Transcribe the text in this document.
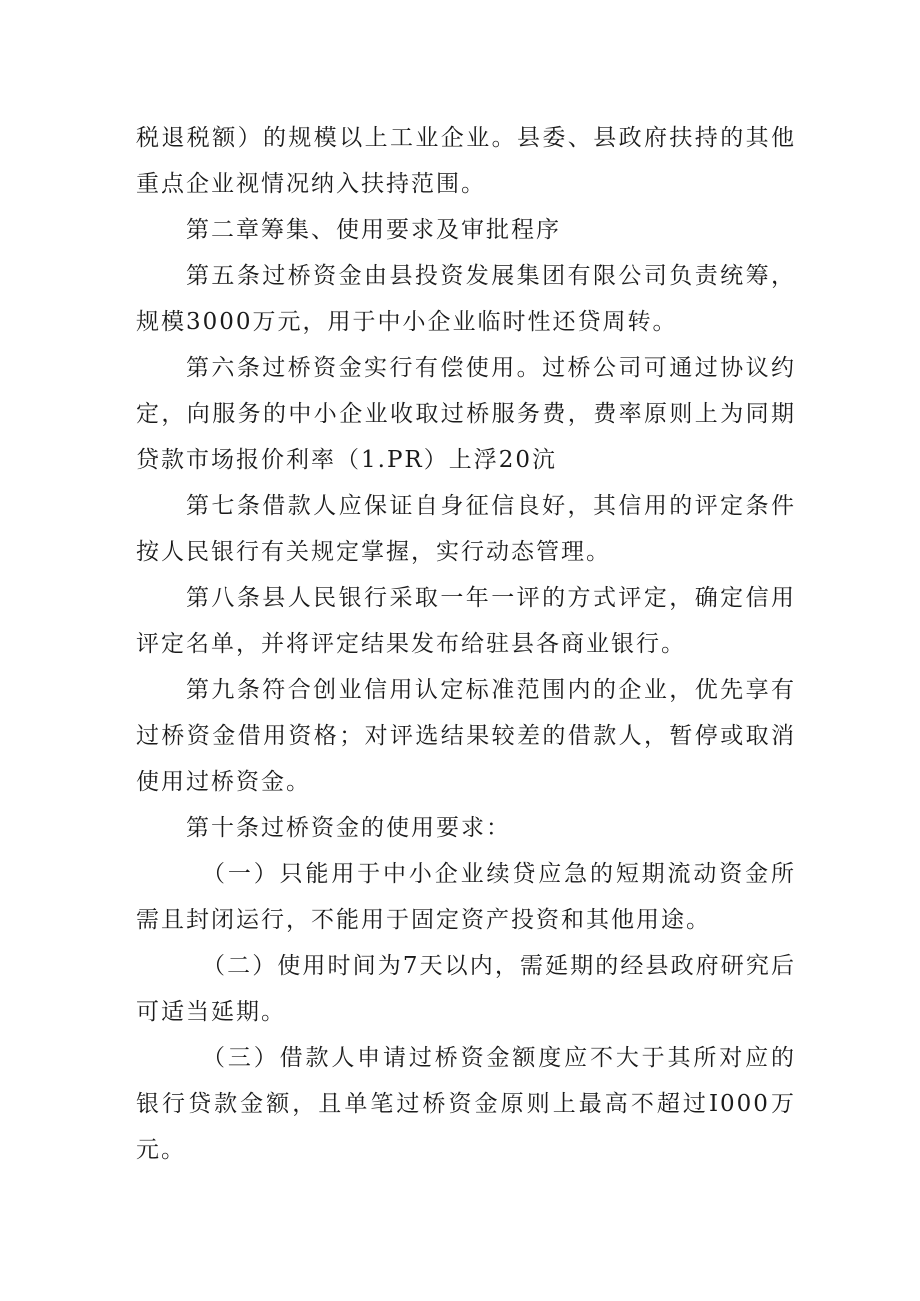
税退税额）的规模以上工业企业。县委、县政府扶持的其他重点企业视情况纳入扶持范围。

第二章筹集、使用要求及审批程序

第五条过桥资金由县投资发展集团有限公司负责统筹，规模3000万元，用于中小企业临时性还贷周转。

第六条过桥资金实行有偿使用。过桥公司可通过协议约定，向服务的中小企业收取过桥服务费，费率原则上为同期贷款市场报价利率（1.PR）上浮20沆

第七条借款人应保证自身征信良好，其信用的评定条件按人民银行有关规定掌握，实行动态管理。

第八条县人民银行采取一年一评的方式评定，确定信用评定名单，并将评定结果发布给驻县各商业银行。

第九条符合创业信用认定标准范围内的企业，优先享有过桥资金借用资格；对评选结果较差的借款人，暂停或取消使用过桥资金。

第十条过桥资金的使用要求：

（一）只能用于中小企业续贷应急的短期流动资金所需且封闭运行，不能用于固定资产投资和其他用途。

（二）使用时间为7天以内，需延期的经县政府研究后可适当延期。

（三）借款人申请过桥资金额度应不大于其所对应的银行贷款金额，且单笔过桥资金原则上最高不超过I000万元。
